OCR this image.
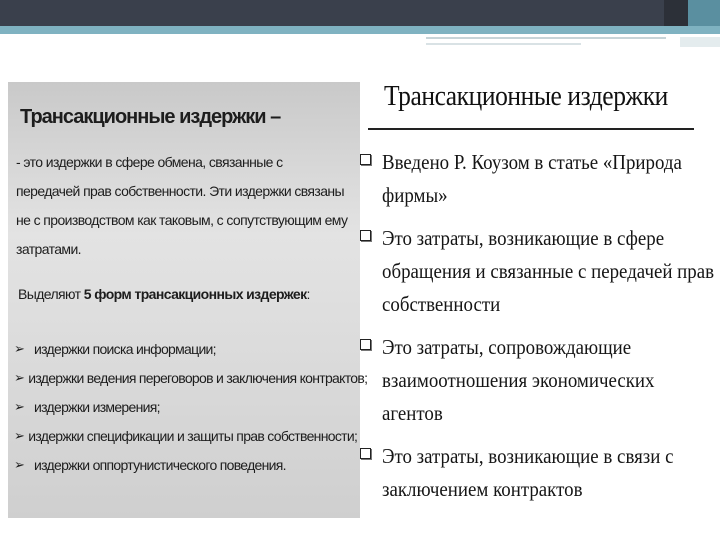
Трансакционные издержки –
- это издержки в сфере обмена, связанные с передачей прав собственности. Эти издержки связаны не с производством как таковым, с сопутствующим ему затратами.
Выделяют 5 форм трансакционных издержек:
➢ издержки поиска информации;
➢ издержки ведения переговоров и заключения контрактов;
➢ издержки измерения;
➢ издержки спецификации и защиты прав собственности;
➢ издержки оппортунистического поведения.
Трансакционные издержки
Введено Р. Коузом в статье «Природа фирмы»
Это затраты, возникающие в сфере обращения и связанные с передачей прав собственности
Это затраты, сопровождающие взаимоотношения экономических агентов
Это затраты, возникающие в связи с заключением контрактов
